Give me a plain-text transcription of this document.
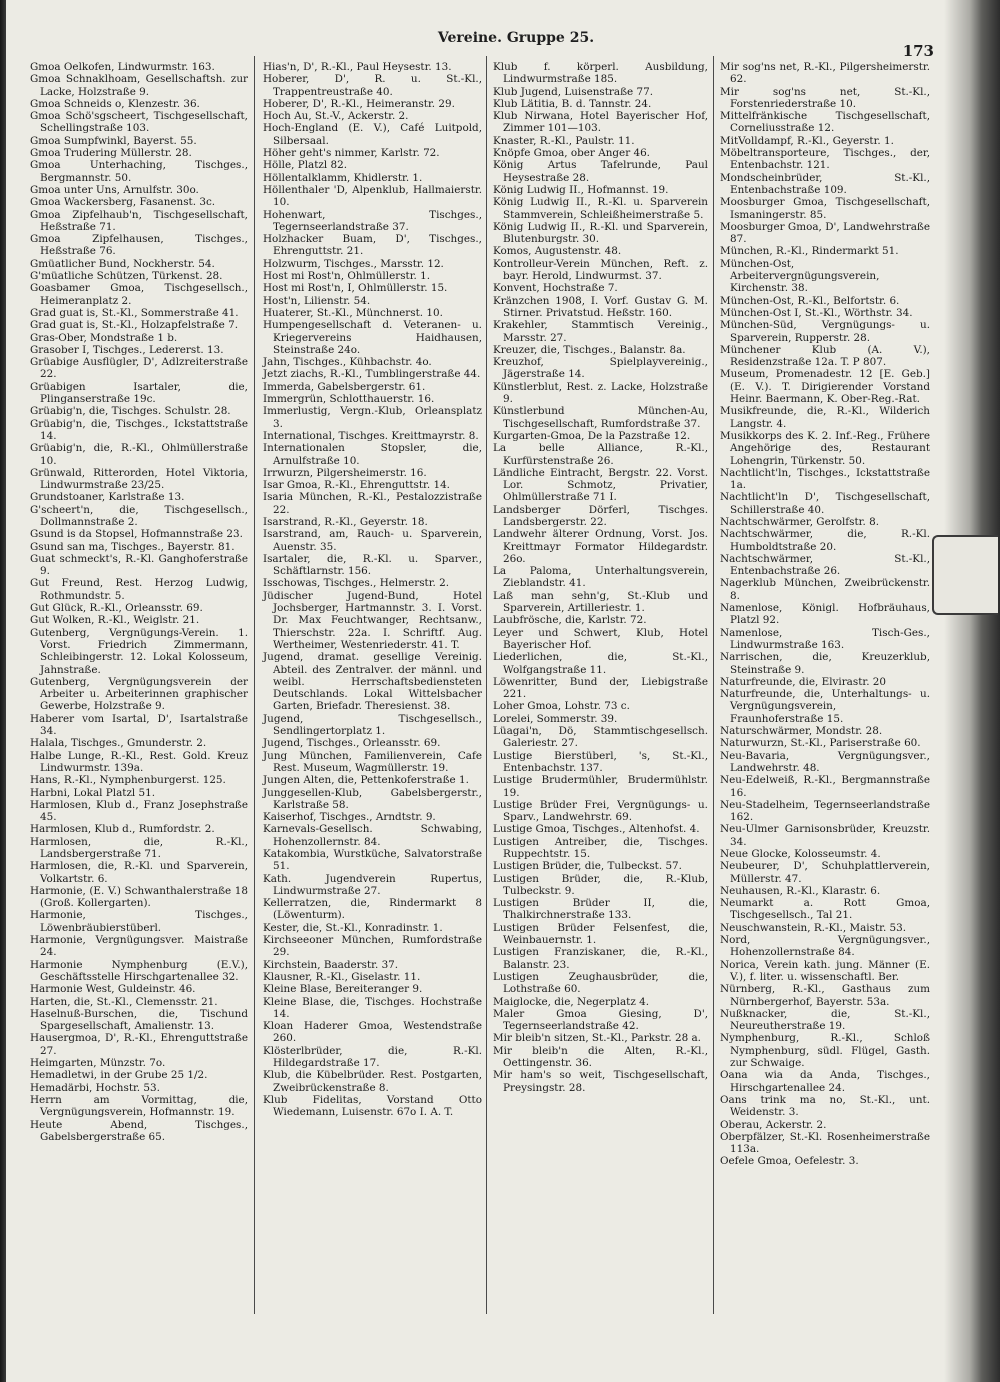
Vereine. Gruppe 25.
173
Gmoa Oelkofen, Lindwurmstr. 163.
Gmoa Schnaklhoam, Gesellschaftsh. zur Lacke, Holzstraße 9.
Gmoa Schneids o, Klenzestr. 36.
Gmoa Schö'sgscheert, Tischgesellschaft, Schellingstraße 103.
Gmoa Sumpfwinkl, Bayerst. 55.
Gmoa Trudering Müllerstr. 28.
Gmoa Unterhaching, Tischges., Bergmannstr. 50.
Gmoa unter Uns, Arnulfstr. 30o.
Gmoa Wackersberg, Fasanenst. 3c.
Gmoa Zipfelhaub'n, Tischgesellschaft, Heßstraße 71.
Gmoa Zipfelhausen, Tischges., Heßstraße 76.
Gmüatlicher Bund, Nockherstr. 54.
G'müatliche Schützen, Türkenst. 28.
Goasbamer Gmoa, Tischgesellsch., Heimeranplatz 2.
Grad guat is, St.-Kl., Sommerstraße 41.
Grad guat is, St.-Kl., Holzapfelstraße 7.
Gras-Ober, Mondstraße 1 b.
Grasober I, Tischges., Ledererst. 13.
Grüabige Ausflügler, D', Adlzreiterstraße 22.
Grüabigen Isartaler, die, Plinganserstraße 19c.
Grüabig'n, die, Tischges. Schulstr. 28.
Grüabig'n, die, Tischges., Ickstattstraße 14.
Grüabig'n, die, R.-Kl., Ohlmüllerstraße 10.
Grünwald, Ritterorden, Hotel Viktoria, Lindwurmstraße 23/25.
Grundstoaner, Karlstraße 13.
G'scheert'n, die, Tischgesellsch., Dollmannstraße 2.
Gsund is da Stopsel, Hofmannstraße 23.
Gsund san ma, Tischges., Bayerstr. 81.
Guat schmeckt's, R.-Kl. Ganghoferstraße 9.
Gut Freund, Rest. Herzog Ludwig, Rothmundstr. 5.
Gut Glück, R.-Kl., Orleansstr. 69.
Gut Wolken, R.-Kl., Weiglstr. 21.
Gutenberg, Vergnügungs-Verein. 1. Vorst. Friedrich Zimmermann, Schleibingerstr. 12. Lokal Kolosseum, Jahnstraße.
Gutenberg, Vergnügungsverein der Arbeiter u. Arbeiterinnen graphischer Gewerbe, Holzstraße 9.
Haberer vom Isartal, D', Isartalstraße 34.
Halala, Tischges., Gmunderstr. 2.
Halbe Lunge, R.-Kl., Rest. Gold. Kreuz Lindwurmstr. 139a.
Hans, R.-Kl., Nymphenburgerst. 125.
Harbni, Lokal Platzl 51.
Harmlosen, Klub d., Franz Josephstraße 45.
Harmlosen, Klub d., Rumfordstr. 2.
Harmlosen, die, R.-Kl., Landsbergerstraße 71.
Harmlosen, die, R.-Kl. und Sparverein, Volkartstr. 6.
Harmonie, (E. V.) Schwanthalerstraße 18 (Groß. Kollergarten).
Harmonie, Tischges., Löwenbräubierstüberl.
Harmonie, Vergnügungsver. Maistraße 24.
Harmonie Nymphenburg (E.V.), Geschäftsstelle Hirschgartenallee 32.
Harmonie West, Guldeinstr. 46.
Harten, die, St.-Kl., Clemensstr. 21.
Haselnuß-Burschen, die, Tischund Spargesellschaft, Amalienstr. 13.
Hausergmoa, D', R.-Kl., Ehrenguttstraße 27.
Heimgarten, Münzstr. 7o.
Hemadletwi, in der Grube 25 1/2.
Hemadärbi, Hochstr. 53.
Herrn am Vormittag, die, Vergnügungsverein, Hofmannstr. 19.
Heute Abend, Tischges., Gabelsbergerstraße 65.
Hias'n, D', R.-Kl., Paul Heysestr. 13.
Hoberer, D', R. u. St.-Kl., Trappentreustraße 40.
Hoberer, D', R.-Kl., Heimeranstr. 29.
Hoch Au, St.-V., Ackerstr. 2.
Hoch-England (E. V.), Café Luitpold, Silbersaal.
Höher geht's nimmer, Karlstr. 72.
Hölle, Platzl 82.
Höllentalklamm, Khidlerstr. 1.
Höllenthaler 'D, Alpenklub, Hallmaierstr. 10.
Hohenwart, Tischges., Tegernseerlandstraße 37.
Holzhacker Buam, D', Tischges., Ehrenguttstr. 21.
Holzwurm, Tischges., Marsstr. 12.
Host mi Rost'n, Ohlmüllerstr. 1.
Host mi Rost'n, I, Ohlmüllerstr. 15.
Host'n, Lilienstr. 54.
Huaterer, St.-Kl., Münchnerst. 10.
Humpengesellschaft d. Veteranen- u. Kriegervereins Haidhausen, Steinstraße 24o.
Jahn, Tischges., Kühbachstr. 4o.
Jetzt ziachs, R.-Kl., Tumblingerstraße 44.
Immerda, Gabelsbergerstr. 61.
Immergrün, Schlotthauerstr. 16.
Immerlustig, Vergn.-Klub, Orleansplatz 3.
International, Tischges. Kreittmayrstr. 8.
Internationalen Stopsler, die, Arnulfstraße 10.
Irrwurzn, Pilgersheimerstr. 16.
Isar Gmoa, R.-Kl., Ehrenguttstr. 14.
Isaria München, R.-Kl., Pestalozzistraße 22.
Isarstrand, R.-Kl., Geyerstr. 18.
Isarstrand, am, Rauch- u. Sparverein, Auenstr. 35.
Isartaler, die, R.-Kl. u. Sparver., Schäftlarnstr. 156.
Isschowas, Tischges., Helmerstr. 2.
Jüdischer Jugend-Bund, Hotel Jochsberger, Hartmannstr. 3. I. Vorst. Dr. Max Feuchtwanger, Rechtsanw., Thierschstr. 22a. I. Schriftf. Aug. Wertheimer, Westenriederstr. 41. T.
Jugend, dramat. gesellige Vereinig. Abteil. des Zentralver. der männl. und weibl. Herrschaftsbediensteten Deutschlands. Lokal Wittelsbacher Garten, Briefadr. Theresienst. 38.
Jugend, Tischgesellsch., Sendlingertorplatz 1.
Jugend, Tischges., Orleansstr. 69.
Jung München, Familienverein, Cafe Rest. Museum, Wagmüllerstr. 19.
Jungen Alten, die, Pettenkoferstraße 1.
Junggesellen-Klub, Gabelsbergerstr., Karlstraße 58.
Kaiserhof, Tischges., Arndtstr. 9.
Karnevals-Gesellsch. Schwabing, Hohenzollernstr. 84.
Katakombia, Wurstküche, Salvatorstraße 51.
Kath. Jugendverein Rupertus, Lindwurmstraße 27.
Kellerratzen, die, Rindermarkt 8 (Löwenturm).
Kester, die, St.-Kl., Konradinstr. 1.
Kirchseeoner München, Rumfordstraße 29.
Kirchstein, Baaderstr. 37.
Klausner, R.-Kl., Giselastr. 11.
Kleine Blase, Bereiteranger 9.
Kleine Blase, die, Tischges. Hochstraße 14.
Kloan Haderer Gmoa, Westendstraße 260.
Klösterlbrüder, die, R.-Kl. Hildegardstraße 17.
Klub, die Kübelbrüder. Rest. Postgarten, Zweibrückenstraße 8.
Klub Fidelitas, Vorstand Otto Wiedemann, Luisenstr. 67o I. A. T.
Klub f. körperl. Ausbildung, Lindwurmstraße 185.
Klub Jugend, Luisenstraße 77.
Klub Lätitia, B. d. Tannstr. 24.
Klub Nirwana, Hotel Bayerischer Hof, Zimmer 101—103.
Knaster, R.-Kl., Paulstr. 11.
Knöpfe Gmoa, ober Anger 46.
König Artus Tafelrunde, Paul Heysestraße 28.
König Ludwig II., Hofmannst. 19.
König Ludwig II., R.-Kl. u. Sparverein Stammverein, Schleißheimerstraße 5.
König Ludwig II., R.-Kl. und Sparverein, Blutenburgstr. 30.
Komos, Augustenstr. 48.
Kontrolleur-Verein München, Reft. z. bayr. Herold, Lindwurmst. 37.
Konvent, Hochstraße 7.
Kränzchen 1908, I. Vorf. Gustav G. M. Stirner. Privatstud. Heßstr. 160.
Krakehler, Stammtisch Vereinig., Marsstr. 27.
Kreuzer, die, Tischges., Balanstr. 8a.
Kreuzhof, Spielplayvereinig., Jägerstraße 14.
Künstlerblut, Rest. z. Lacke, Holzstraße 9.
Künstlerbund München-Au, Tischgesellschaft, Rumfordstraße 37.
Kurgarten-Gmoa, De la Pazstraße 12.
La belle Alliance, R.-Kl., Kurfürstenstraße 26.
Ländliche Eintracht, Bergstr. 22. Vorst. Lor. Schmotz, Privatier, Ohlmüllerstraße 71 I.
Landsberger Dörferl, Tischges. Landsbergerstr. 22.
Landwehr älterer Ordnung, Vorst. Jos. Kreittmayr Formator Hildegardstr. 26o.
La Paloma, Unterhaltungsverein, Zieblandstr. 41.
Laß man sehn'g, St.-Klub und Sparverein, Artilleriestr. 1.
Laubfrösche, die, Karlstr. 72.
Leyer und Schwert, Klub, Hotel Bayerischer Hof.
Liederlichen, die, St.-Kl., Wolfgangstraße 11.
Löwenritter, Bund der, Liebigstraße 221.
Loher Gmoa, Lohstr. 73 c.
Lorelei, Sommerstr. 39.
Lüagai'n, Dö, Stammtischgesellsch. Galeriestr. 27.
Lustige Bierstüberl, 's, St.-Kl., Entenbachstr. 137.
Lustige Brudermühler, Brudermühlstr. 19.
Lustige Brüder Frei, Vergnügungs- u. Sparv., Landwehrstr. 69.
Lustige Gmoa, Tischges., Altenhofst. 4.
Lustigen Antreiber, die, Tischges. Ruppechtstr. 15.
Lustigen Brüder, die, Tulbeckst. 57.
Lustigen Brüder, die, R.-Klub, Tulbeckstr. 9.
Lustigen Brüder II, die, Thalkirchnerstraße 133.
Lustigen Brüder Felsenfest, die, Weinbauernstr. 1.
Lustigen Franziskaner, die, R.-Kl., Balanstr. 23.
Lustigen Zeughausbrüder, die, Lothstraße 60.
Maiglocke, die, Negerplatz 4.
Maler Gmoa Giesing, D', Tegernseerlandstraße 42.
Mir bleib'n sitzen, St.-Kl., Parkstr. 28 a.
Mir bleib'n die Alten, R.-Kl., Oettingenstr. 36.
Mir ham's so weit, Tischgesellschaft, Preysingstr. 28.
Mir sog'ns net, R.-Kl., Pilgersheimerstr. 62.
Mir sog'ns net, St.-Kl., Forstenriederstraße 10.
Mittelfränkische Tischgesellschaft, Corneliusstraße 12.
MitVolldampf, R.-Kl., Geyerstr. 1.
Möbeltransporteure, Tischges., der, Entenbachstr. 121.
Mondscheinbrüder, St.-Kl., Entenbachstraße 109.
Moosburger Gmoa, Tischgesellschaft, Ismaningerstr. 85.
Moosburger Gmoa, D', Landwehrstraße 87.
München, R.-Kl., Rindermarkt 51.
München-Ost, Arbeitervergnügungsverein, Kirchenstr. 38.
München-Ost, R.-Kl., Belfortstr. 6.
München-Ost I, St.-Kl., Wörthstr. 34.
München-Süd, Vergnügungs- u. Sparverein, Rupperstr. 28.
Münchener Klub (A. V.), Residenzstraße 12a. T. P 807.
Museum, Promenadestr. 12 [E. Geb.] (E. V.). T. Dirigierender Vorstand Heinr. Baermann, K. Ober-Reg.-Rat.
Musikfreunde, die, R.-Kl., Wilderich Langstr. 4.
Musikkorps des K. 2. Inf.-Reg., Frühere Angehörige des, Restaurant Lohengrin, Türkenstr. 50.
Nachtlicht'ln, Tischges., Ickstattstraße 1a.
Nachtlicht'ln D', Tischgesellschaft, Schillerstraße 40.
Nachtschwärmer, Gerolfstr. 8.
Nachtschwärmer, die, R.-Kl. Humboldtstraße 20.
Nachtschwärmer, St.-Kl., Entenbachstraße 26.
Nagerklub München, Zweibrückenstr. 8.
Namenlose, Königl. Hofbräuhaus, Platzl 92.
Namenlose, Tisch-Ges., Lindwurmstraße 163.
Narrischen, die, Kreuzerklub, Steinstraße 9.
Naturfreunde, die, Elvirastr. 20
Naturfreunde, die, Unterhaltungs- u. Vergnügungsverein, Fraunhoferstraße 15.
Naturschwärmer, Mondstr. 28.
Naturwurzn, St.-Kl., Pariserstraße 60.
Neu-Bavaria, Vergnügungsver., Landwehrstr. 48.
Neu-Edelweiß, R.-Kl., Bergmannstraße 16.
Neu-Stadelheim, Tegernseerlandstraße 162.
Neu-Ulmer Garnisonsbrüder, Kreuzstr. 34.
Neue Glocke, Kolosseumstr. 4.
Neubeurer, D', Schuhplattlerverein, Müllerstr. 47.
Neuhausen, R.-Kl., Klarastr. 6.
Neumarkt a. Rott Gmoa, Tischgesellsch., Tal 21.
Neuschwanstein, R.-Kl., Maistr. 53.
Nord, Vergnügungsver., Hohenzollernstraße 84.
Norica, Verein kath. jung. Männer (E. V.), f. liter. u. wissenschaftl. Ber.
Nürnberg, R.-Kl., Gasthaus zum Nürnbergerhof, Bayerstr. 53a.
Nußknacker, die, St.-Kl., Neureutherstraße 19.
Nymphenburg, R.-Kl., Schloß Nymphenburg, südl. Flügel, Gasth. zur Schwaige.
Oana wia da Anda, Tischges., Hirschgartenallee 24.
Oans trink ma no, St.-Kl., unt. Weidenstr. 3.
Oberau, Ackerstr. 2.
Oberpfälzer, St.-Kl. Rosenheimerstraße 113a.
Oefele Gmoa, Oefelestr. 3.
